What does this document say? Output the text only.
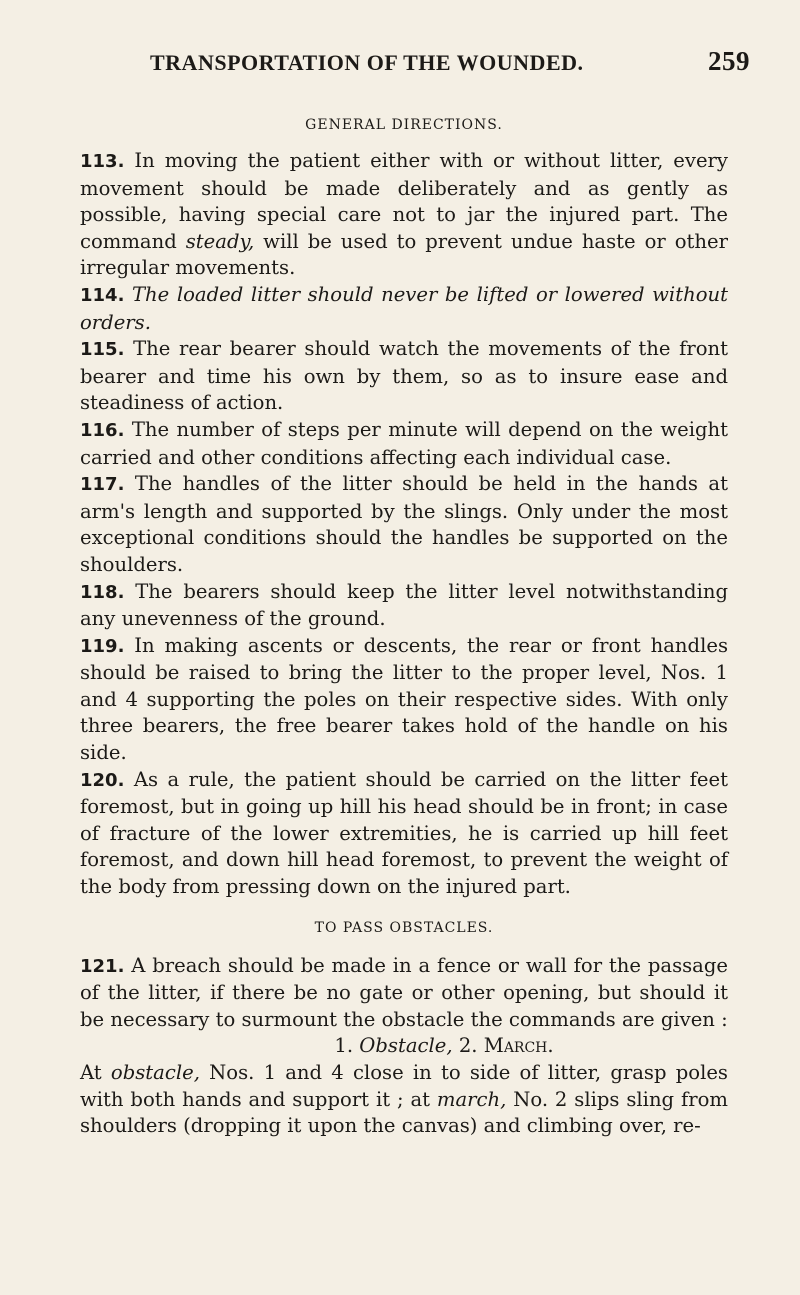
TRANSPORTATION OF THE WOUNDED.	259
GENERAL DIRECTIONS.

113. In moving the patient either with or without litter, every movement should be made deliberately and as gently as possible, having special care not to jar the injured part. The command steady, will be used to prevent undue haste or other irregular movements.

114. The loaded litter should never be lifted or lowered without orders.

115. The rear bearer should watch the movements of the front bearer and time his own by them, so as to insure ease and steadiness of action.

116. The number of steps per minute will depend on the weight carried and other conditions affecting each individual case.

117. The handles of the litter should be held in the hands at arm's length and supported by the slings. Only under the most exceptional conditions should the handles be supported on the shoulders.

118. The bearers should keep the litter level notwithstanding any unevenness of the ground.

119. In making ascents or descents, the rear or front handles should be raised to bring the litter to the proper level, Nos. 1 and 4 supporting the poles on their respective sides. With only three bearers, the free bearer takes hold of the handle on his side.

120. As a rule, the patient should be carried on the litter feet foremost, but in going up hill his head should be in front; in case of fracture of the lower extremities, he is carried up hill feet foremost, and down hill head foremost, to prevent the weight of the body from pressing down on the injured part.

TO PASS OBSTACLES.

121. A breach should be made in a fence or wall for the passage of the litter, if there be no gate or other opening, but should it be necessary to surmount the obstacle the commands are given :

1. Obstacle, 2. March.

At obstacle, Nos. 1 and 4 close in to side of litter, grasp poles with both hands and support it ; at march, No. 2 slips sling from shoulders (dropping it upon the canvas) and climbing over, re-
